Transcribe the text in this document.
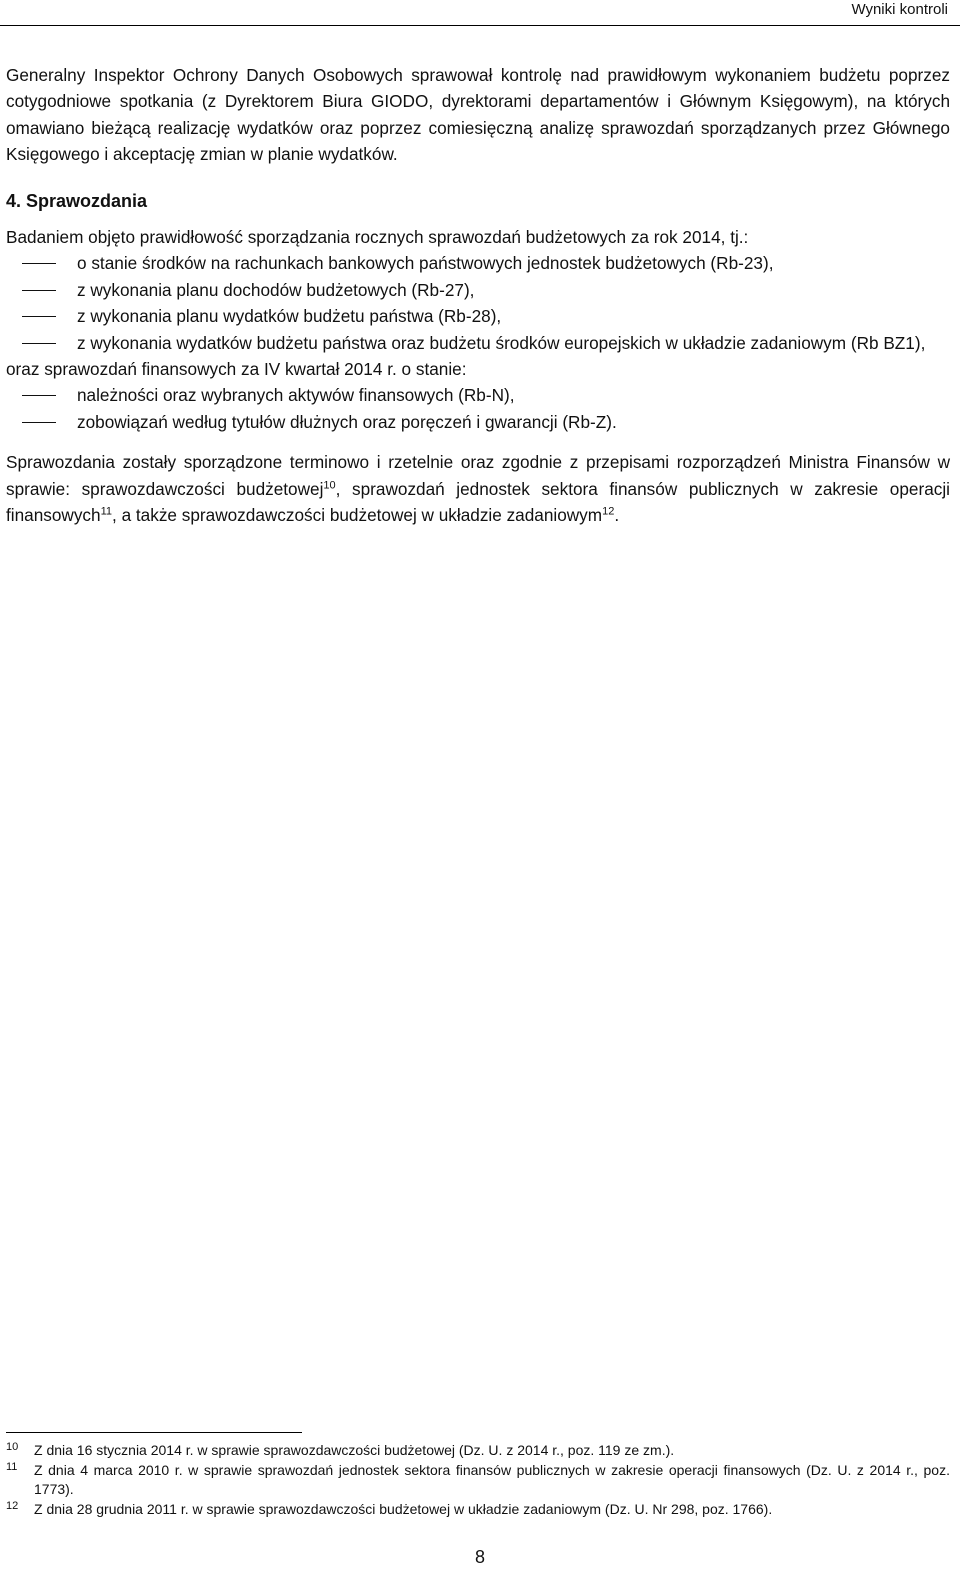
Wyniki kontroli

Generalny Inspektor Ochrony Danych Osobowych sprawował kontrolę nad prawidłowym wykonaniem budżetu poprzez cotygodniowe spotkania (z Dyrektorem Biura GIODO, dyrektorami departamentów i Głównym Księgowym), na których omawiano bieżącą realizację wydatków oraz poprzez comiesięczną analizę sprawozdań sporządzanych przez Głównego Księgowego i akceptację zmian w planie wydatków.

4. Sprawozdania

Badaniem objęto prawidłowość sporządzania rocznych sprawozdań budżetowych za rok 2014, tj.:

o stanie środków na rachunkach bankowych państwowych jednostek budżetowych (Rb-23),
z wykonania planu dochodów budżetowych (Rb-27),
z wykonania planu wydatków budżetu państwa (Rb-28),
z wykonania wydatków budżetu państwa oraz budżetu środków europejskich w układzie zadaniowym (Rb BZ1),

oraz sprawozdań finansowych za IV kwartał 2014 r. o stanie:

należności oraz wybranych aktywów finansowych (Rb-N),
zobowiązań według tytułów dłużnych oraz poręczeń i gwarancji (Rb-Z).

Sprawozdania zostały sporządzone terminowo i rzetelnie oraz zgodnie z przepisami rozporządzeń Ministra Finansów w sprawie: sprawozdawczości budżetowej$^{10}$, sprawozdań jednostek sektora finansów publicznych w zakresie operacji finansowych$^{11}$, a także sprawozdawczości budżetowej w układzie zadaniowym$^{12}$.

10 Z dnia 16 stycznia 2014 r. w sprawie sprawozdawczości budżetowej (Dz. U. z 2014 r., poz. 119 ze zm.).
11 Z dnia 4 marca 2010 r. w sprawie sprawozdań jednostek sektora finansów publicznych w zakresie operacji finansowych (Dz. U. z 2014 r., poz. 1773).
12 Z dnia 28 grudnia 2011 r. w sprawie sprawozdawczości budżetowej w układzie zadaniowym (Dz. U. Nr 298, poz. 1766).
8
